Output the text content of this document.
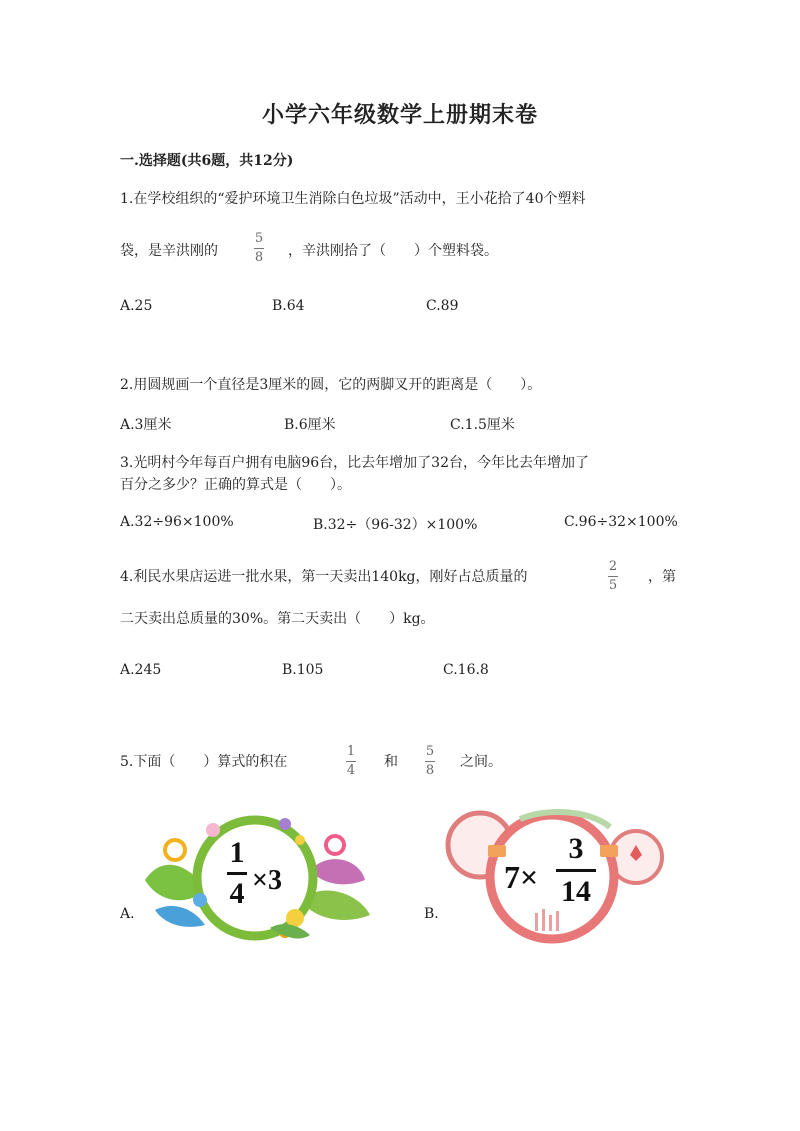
小学六年级数学上册期末卷
一.选择题(共6题，共12分)
1.在学校组织的“爱护环境卫生消除白色垃圾”活动中，王小花拾了40个塑料
袋，是辛洪刚的
5
8 ，辛洪刚拾了（　　）个塑料袋。
A.25	B.64	C.89
2.用圆规画一个直径是3厘米的圆，它的两脚叉开的距离是（　　）。
A.3厘米	B.6厘米	C.1.5厘米
3.光明村今年每百户拥有电脑96台，比去年增加了32台，今年比去年增加了
百分之多少？正确的算式是（　　）。
A.32÷96×100%	B.32÷（96-32）×100%	C.96÷32×100%
4.利民水果店运进一批水果，第一天卖出140kg，刚好占总质量的
2
5
，第
二天卖出总质量的30%。第二天卖出（　　）kg。
A.245	B.105	C.16.8
5.下面（　　）算式的积在
1
4
和
5
8
之间。
A.
1
4 ×3
B.
7×
3
14
